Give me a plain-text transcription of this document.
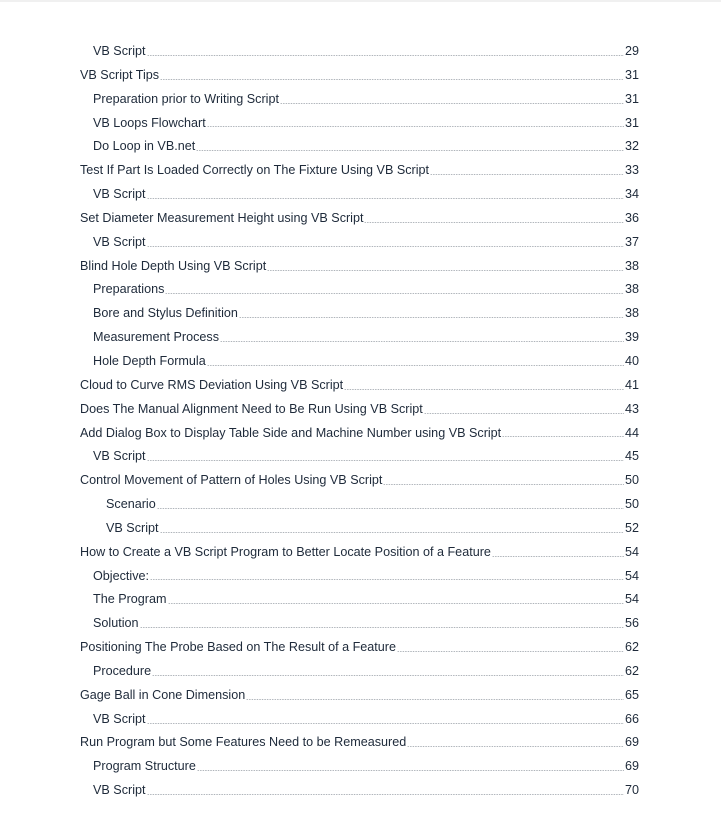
VB Script	29
VB Script Tips	31
Preparation prior to Writing Script	31
VB Loops Flowchart	31
Do Loop in VB.net	32
Test If Part Is Loaded Correctly on The Fixture Using VB Script	33
VB Script	34
Set Diameter Measurement Height using VB Script	36
VB Script	37
Blind Hole Depth Using VB Script	38
Preparations	38
Bore and Stylus Definition	38
Measurement Process	39
Hole Depth Formula	40
Cloud to Curve RMS Deviation Using VB Script	41
Does The Manual Alignment Need to Be Run Using VB Script	43
Add Dialog Box to Display Table Side and Machine Number using VB Script	44
VB Script	45
Control Movement of Pattern of Holes Using VB Script	50
Scenario	50
VB Script	52
How to Create a VB Script Program to Better Locate Position of a Feature	54
Objective:	54
The Program	54
Solution	56
Positioning The Probe Based on The Result of a Feature	62
Procedure	62
Gage Ball in Cone Dimension	65
VB Script	66
Run Program but Some Features Need to be Remeasured	69
Program Structure	69
VB Script	70
